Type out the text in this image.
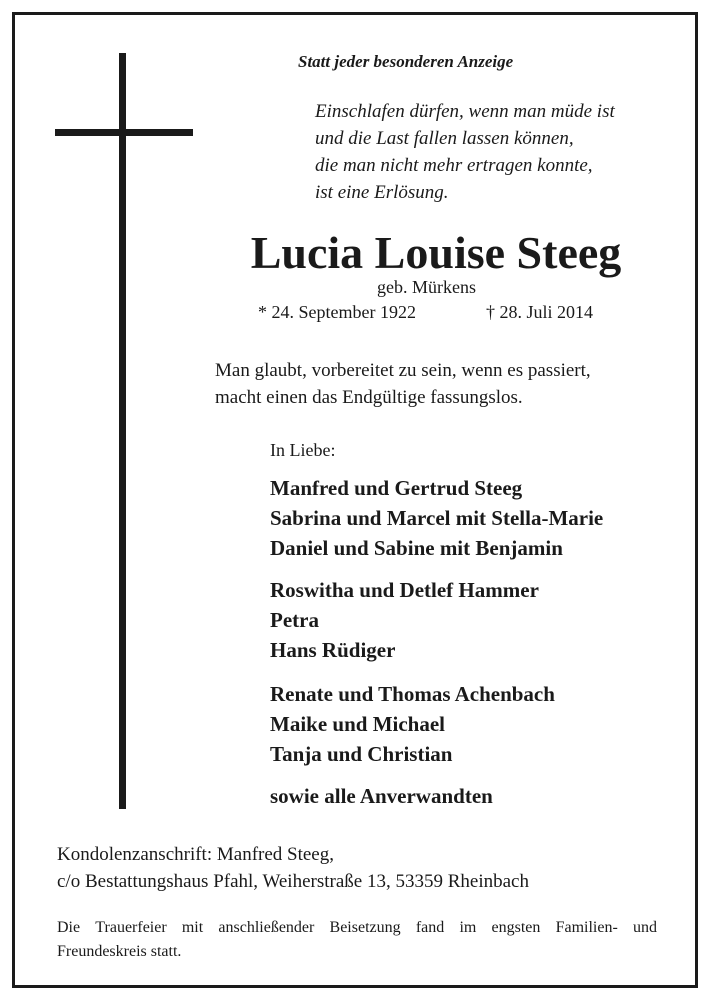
Statt jeder besonderen Anzeige
Einschlafen dürfen, wenn man müde ist
und die Last fallen lassen können,
die man nicht mehr ertragen konnte,
ist eine Erlösung.
Lucia Louise Steeg
geb. Mürkens
* 24. September 1922	† 28. Juli 2014
Man glaubt, vorbereitet zu sein, wenn es passiert,
macht einen das Endgültige fassungslos.
In Liebe:
Manfred und Gertrud Steeg
Sabrina und Marcel mit Stella-Marie
Daniel und Sabine mit Benjamin
Roswitha und Detlef Hammer
Petra
Hans Rüdiger
Renate und Thomas Achenbach
Maike und Michael
Tanja und Christian
sowie alle Anverwandten
Kondolenzanschrift: Manfred Steeg,
c/o Bestattungshaus Pfahl, Weiherstraße 13, 53359 Rheinbach
Die Trauerfeier mit anschließender Beisetzung fand im engsten Familien- und
Freundeskreis statt.
